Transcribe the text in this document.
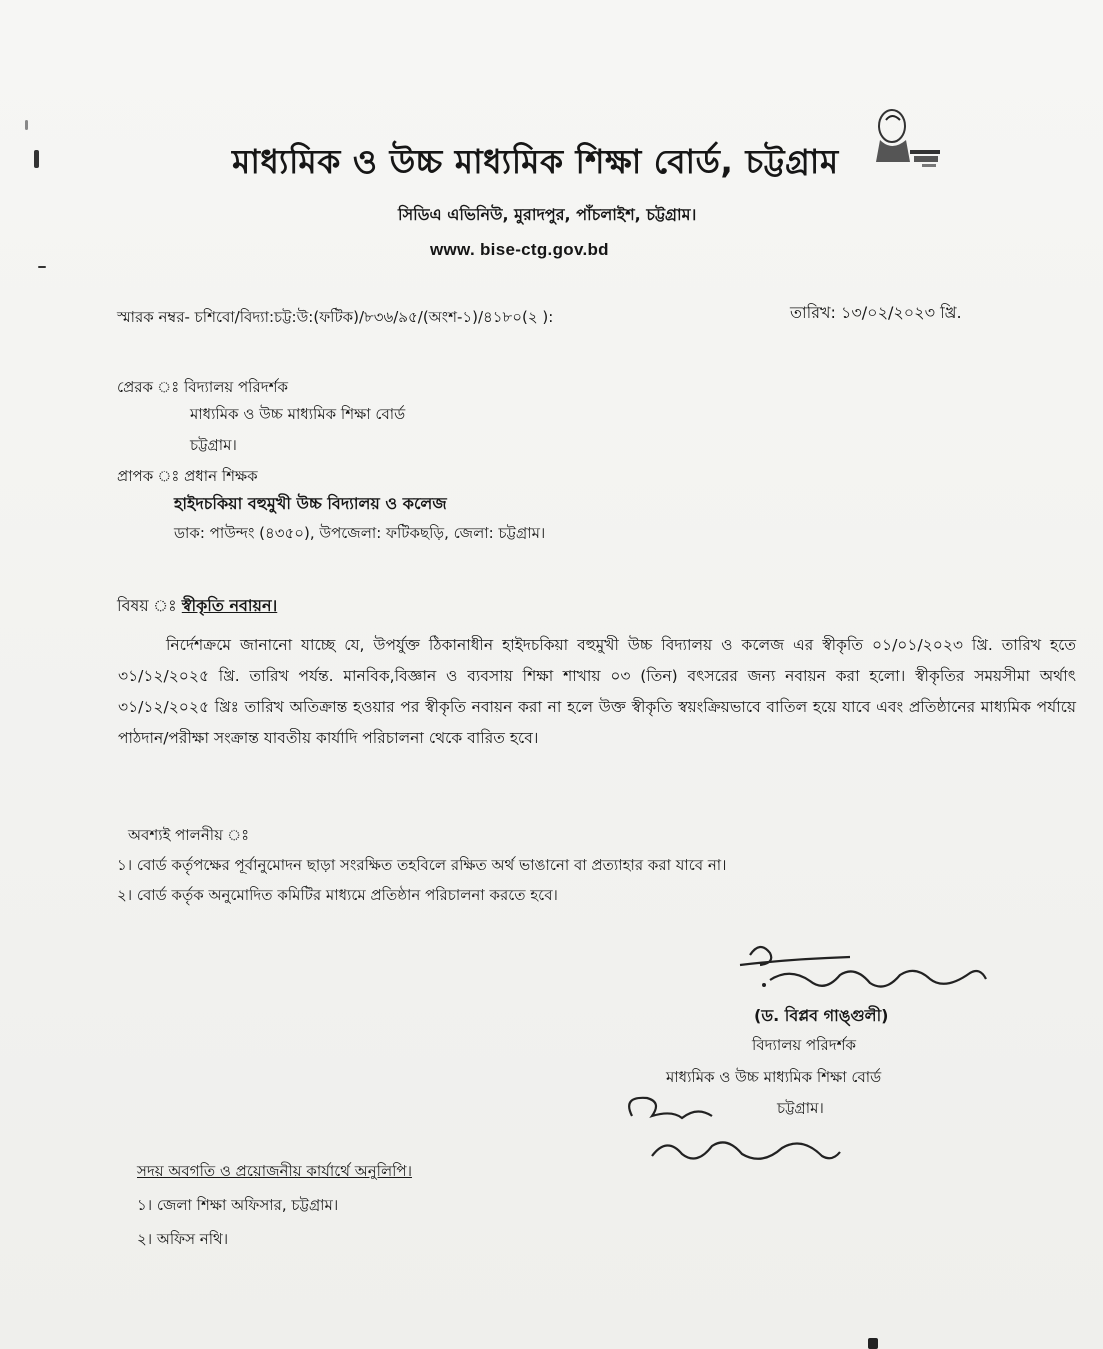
মাধ্যমিক ও উচ্চ মাধ্যমিক শিক্ষা বোর্ড, চট্টগ্রাম
সিডিএ এভিনিউ, মুরাদপুর, পাঁচলাইশ, চট্টগ্রাম।
www. bise-ctg.gov.bd
স্মারক নম্বর- চশিবো/বিদ্যা:চট্ট:উ:(ফটিক)/৮৩৬/৯৫/(অংশ-১)/৪১৮০(২ ):	তারিখ: ১৩/০২/২০২৩ খ্রি.
প্রেরক ঃ বিদ্যালয় পরিদর্শক
মাধ্যমিক ও উচ্চ মাধ্যমিক শিক্ষা বোর্ড
চট্টগ্রাম।
প্রাপক ঃ প্রধান শিক্ষক
হাইদচকিয়া বহুমুখী উচ্চ বিদ্যালয় ও কলেজ
ডাক: পাউন্দং (৪৩৫০), উপজেলা: ফটিকছড়ি, জেলা: চট্টগ্রাম।
বিষয় ঃ স্বীকৃতি নবায়ন।
নির্দেশক্রমে জানানো যাচ্ছে যে, উপর্যুক্ত ঠিকানাধীন হাইদচকিয়া বহুমুখী উচ্চ বিদ্যালয় ও কলেজ এর স্বীকৃতি ০১/০১/২০২৩ খ্রি. তারিখ হতে ৩১/১২/২০২৫ খ্রি. তারিখ পর্যন্ত. মানবিক,বিজ্ঞান ও ব্যবসায় শিক্ষা শাখায় ০৩ (তিন) বৎসরের জন্য নবায়ন করা হলো। স্বীকৃতির সময়সীমা অর্থাৎ ৩১/১২/২০২৫ খ্রিঃ তারিখ অতিক্রান্ত হওয়ার পর স্বীকৃতি নবায়ন করা না হলে উক্ত স্বীকৃতি স্বয়ংক্রিয়ভাবে বাতিল হয়ে যাবে এবং প্রতিষ্ঠানের মাধ্যমিক পর্যায়ে পাঠদান/পরীক্ষা সংক্রান্ত যাবতীয় কার্যাদি পরিচালনা থেকে বারিত হবে।
অবশ্যই পালনীয় ঃ
১। বোর্ড কর্তৃপক্ষের পূর্বানুমোদন ছাড়া সংরক্ষিত তহবিলে রক্ষিত অর্থ ভাঙানো বা প্রত্যাহার করা যাবে না।
২। বোর্ড কর্তৃক অনুমোদিত কমিটির মাধ্যমে প্রতিষ্ঠান পরিচালনা করতে হবে।
(ড. বিপ্লব গাঙ্গুলী)
বিদ্যালয় পরিদর্শক
মাধ্যমিক ও উচ্চ মাধ্যমিক শিক্ষা বোর্ড
চট্টগ্রাম।
সদয় অবগতি ও প্রয়োজনীয় কার্যার্থে অনুলিপি।
১। জেলা শিক্ষা অফিসার, চট্টগ্রাম।
২। অফিস নথি।
